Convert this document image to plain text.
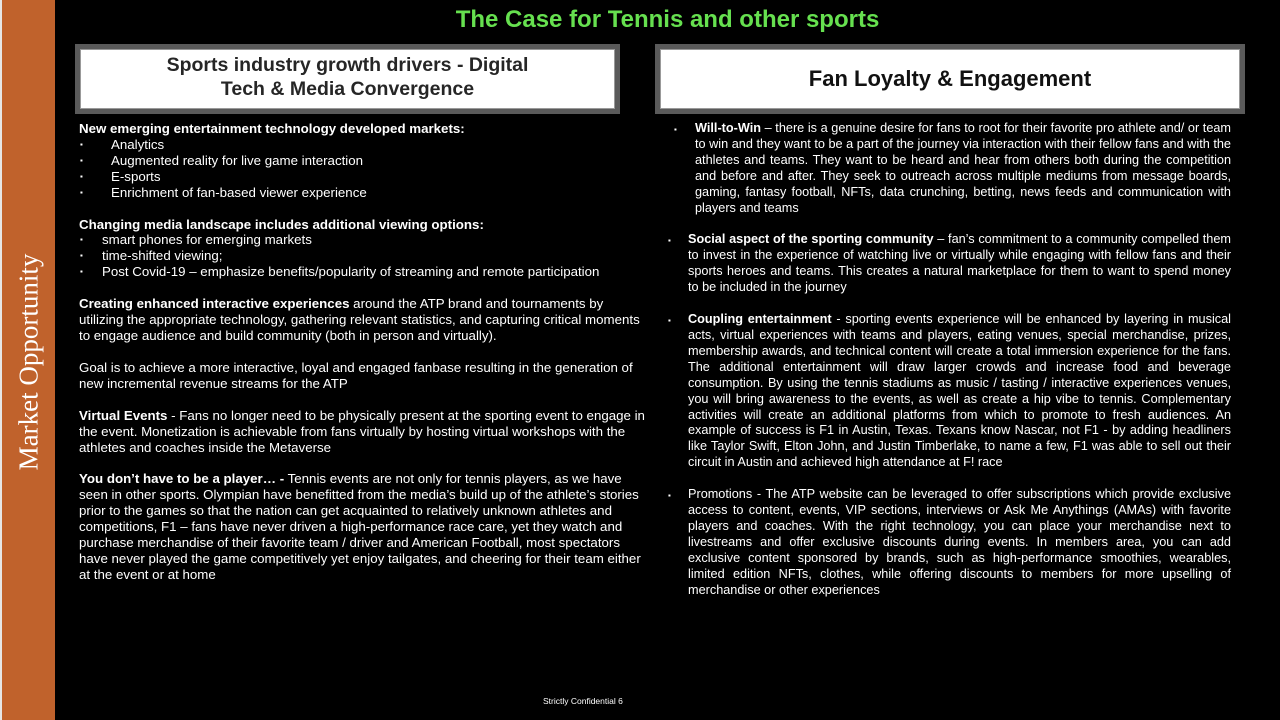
Market Opportunity
The Case for Tennis and other sports
Sports industry growth drivers - Digital
Tech & Media Convergence	Fan Loyalty & Engagement

New emerging entertainment technology developed markets:

▪	Analytics
▪	Augmented reality for live game interaction
▪	E-sports
▪	Enrichment of fan-based viewer experience

Changing media landscape includes additional viewing options:

▪	smart phones for emerging markets
▪	time-shifted viewing;
▪	Post Covid-19 – emphasize benefits/popularity of streaming and remote participation

Creating enhanced interactive experiences around the ATP brand and tournaments by utilizing the appropriate technology, gathering relevant statistics, and capturing critical moments to engage audience and build community (both in person and virtually).

Goal is to achieve a more interactive, loyal and engaged fanbase resulting in the generation of new incremental revenue streams for the ATP

Virtual Events - Fans no longer need to be physically present at the sporting event to engage in the event. Monetization is achievable from fans virtually by hosting virtual workshops with the athletes and coaches inside the Metaverse

You don’t have to be a player… - Tennis events are not only for tennis players, as we have seen in other sports. Olympian have benefitted from the media’s build up of the athlete’s stories prior to the games so that the nation can get acquainted to relatively unknown athletes and competitions, F1 – fans have never driven a high-performance race care, yet they watch and purchase merchandise of their favorite team / driver and American Football, most spectators have never played the game competitively yet enjoy tailgates, and cheering for their team either at the event or at home

▪	Will-to-Win – there is a genuine desire for fans to root for their favorite pro athlete and/ or team to win and they want to be a part of the journey via interaction with their fellow fans and with the athletes and teams. They want to be heard and hear from others both during the competition and before and after. They seek to outreach across multiple mediums from message boards, gaming, fantasy football, NFTs, data crunching, betting, news feeds and communication with players and teams
▪	Social aspect of the sporting community – fan’s commitment to a community compelled them to invest in the experience of watching live or virtually while engaging with fellow fans and their sports heroes and teams. This creates a natural marketplace for them to want to spend money to be included in the journey
▪	Coupling entertainment - sporting events experience will be enhanced by layering in musical acts, virtual experiences with teams and players, eating venues, special merchandise, prizes, membership awards, and technical content will create a total immersion experience for the fans. The additional entertainment will draw larger crowds and increase food and beverage consumption. By using the tennis stadiums as music / tasting / interactive experiences venues, you will bring awareness to the events, as well as create a hip vibe to tennis. Complementary activities will create an additional platforms from which to promote to fresh audiences. An example of success is F1 in Austin, Texas. Texans know Nascar, not F1 - by adding headliners like Taylor Swift, Elton John, and Justin Timberlake, to name a few, F1 was able to sell out their circuit in Austin and achieved high attendance at F! race
▪	Promotions - The ATP website can be leveraged to offer subscriptions which provide exclusive access to content, events, VIP sections, interviews or Ask Me Anythings (AMAs) with favorite players and coaches. With the right technology, you can place your merchandise next to livestreams and offer exclusive discounts during events. In members area, you can add exclusive content sponsored by brands, such as high-performance smoothies, wearables, limited edition NFTs, clothes, while offering discounts to members for more upselling of merchandise or other experiences
Strictly Confidential 6
